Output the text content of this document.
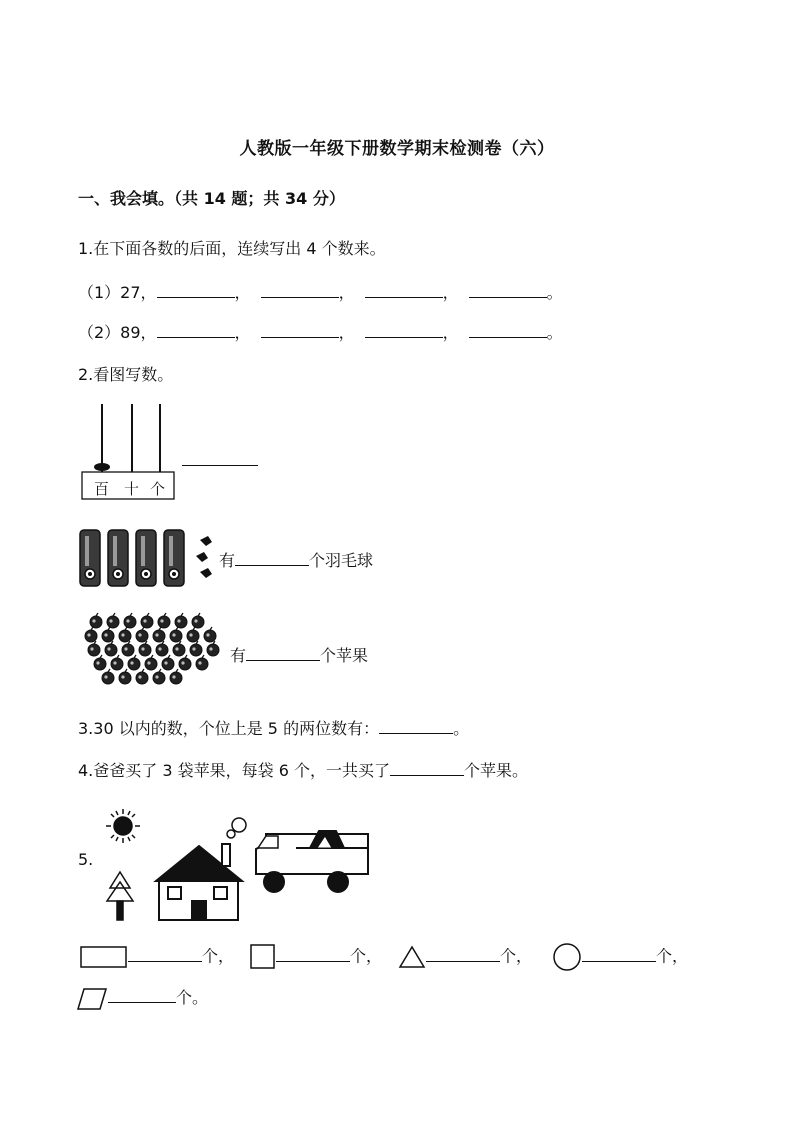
人教版一年级下册数学期末检测卷（六）
一、我会填。（共 14 题；共 34 分）
1.在下面各数的后面，连续写出 4 个数来。
（1）27，	，	，	，	。
（2）89，	，	，	，	。
2.看图写数。
百 十 个
有	个羽毛球
有	个苹果
3.30 以内的数，个位上是 5 的两位数有：	。
4.爸爸买了 3 袋苹果，每袋 6 个，一共买了	个苹果。
5.
个，	个，	个，	个，
个。
